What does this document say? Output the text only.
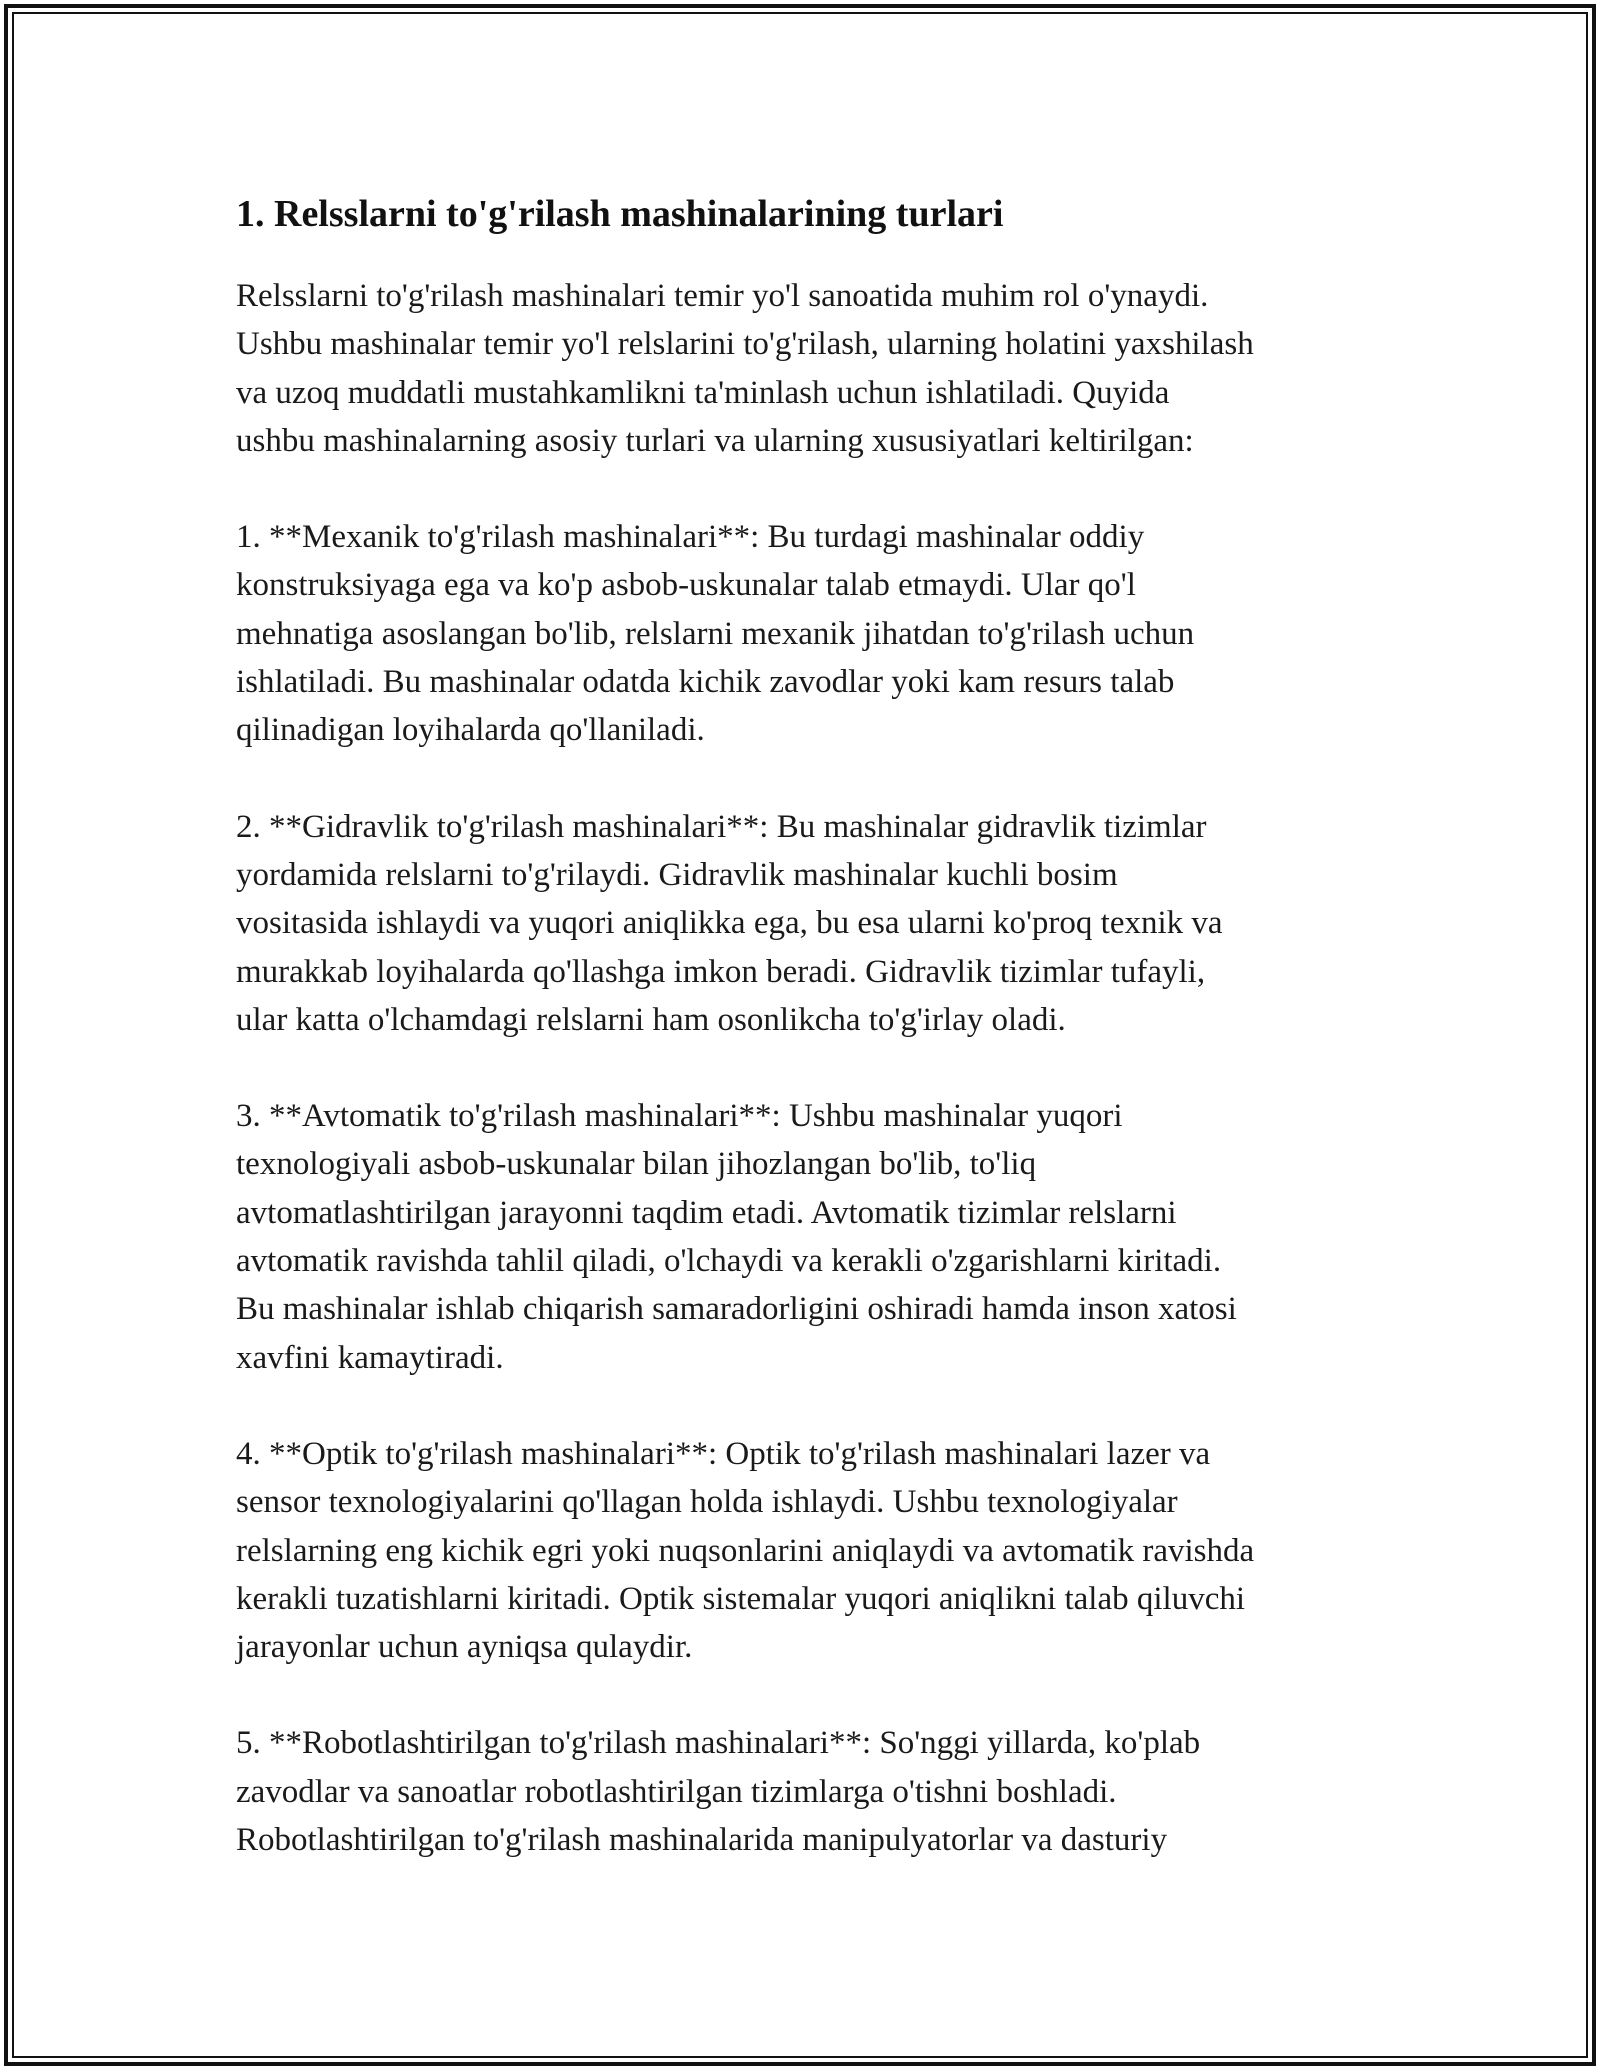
1. Relsslarni to'g'rilash mashinalarining turlari

Relsslarni to'g'rilash mashinalari temir yo'l sanoatida muhim rol o'ynaydi.
Ushbu mashinalar temir yo'l relslarini to'g'rilash, ularning holatini yaxshilash
va uzoq muddatli mustahkamlikni ta'minlash uchun ishlatiladi. Quyida
ushbu mashinalarning asosiy turlari va ularning xususiyatlari keltirilgan:

1. **Mexanik to'g'rilash mashinalari**: Bu turdagi mashinalar oddiy
konstruksiyaga ega va ko'p asbob-uskunalar talab etmaydi. Ular qo'l
mehnatiga asoslangan bo'lib, relslarni mexanik jihatdan to'g'rilash uchun
ishlatiladi. Bu mashinalar odatda kichik zavodlar yoki kam resurs talab
qilinadigan loyihalarda qo'llaniladi.

2. **Gidravlik to'g'rilash mashinalari**: Bu mashinalar gidravlik tizimlar
yordamida relslarni to'g'rilaydi. Gidravlik mashinalar kuchli bosim
vositasida ishlaydi va yuqori aniqlikka ega, bu esa ularni ko'proq texnik va
murakkab loyihalarda qo'llashga imkon beradi. Gidravlik tizimlar tufayli,
ular katta o'lchamdagi relslarni ham osonlikcha to'g'irlay oladi.

3. **Avtomatik to'g'rilash mashinalari**: Ushbu mashinalar yuqori
texnologiyali asbob-uskunalar bilan jihozlangan bo'lib, to'liq
avtomatlashtirilgan jarayonni taqdim etadi. Avtomatik tizimlar relslarni
avtomatik ravishda tahlil qiladi, o'lchaydi va kerakli o'zgarishlarni kiritadi.
Bu mashinalar ishlab chiqarish samaradorligini oshiradi hamda inson xatosi
xavfini kamaytiradi.

4. **Optik to'g'rilash mashinalari**: Optik to'g'rilash mashinalari lazer va
sensor texnologiyalarini qo'llagan holda ishlaydi. Ushbu texnologiyalar
relslarning eng kichik egri yoki nuqsonlarini aniqlaydi va avtomatik ravishda
kerakli tuzatishlarni kiritadi. Optik sistemalar yuqori aniqlikni talab qiluvchi
jarayonlar uchun ayniqsa qulaydir.

5. **Robotlashtirilgan to'g'rilash mashinalari**: So'nggi yillarda, ko'plab
zavodlar va sanoatlar robotlashtirilgan tizimlarga o'tishni boshladi.
Robotlashtirilgan to'g'rilash mashinalarida manipulyatorlar va dasturiy
